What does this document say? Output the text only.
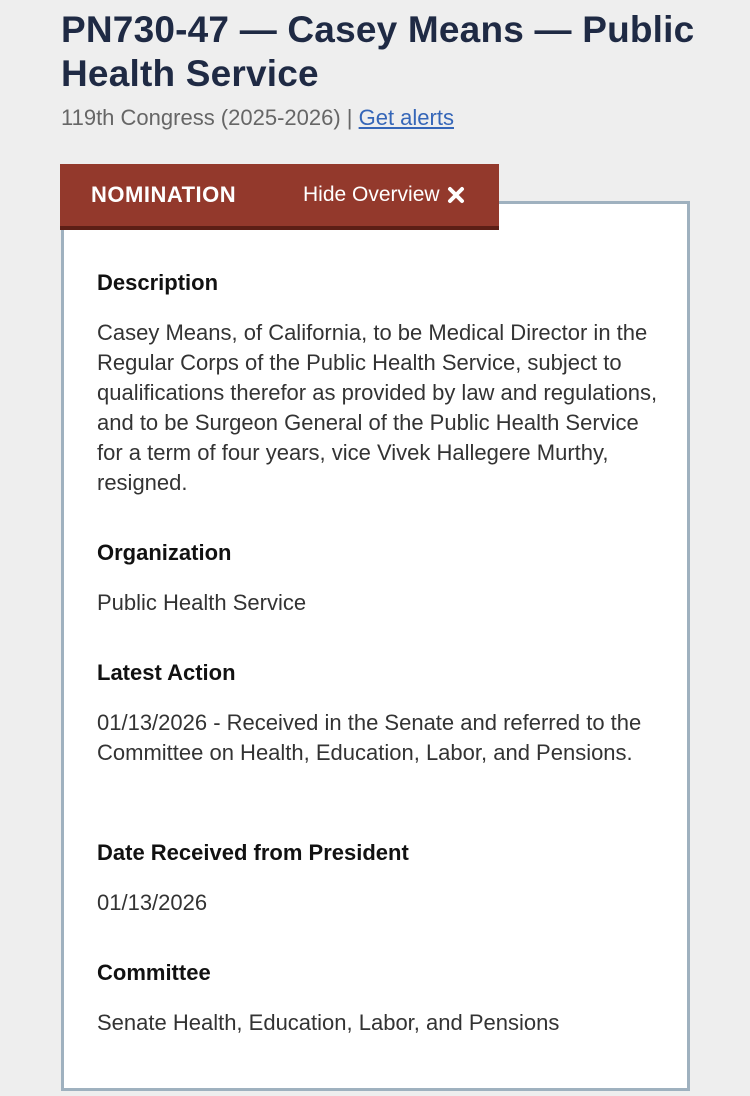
PN730-47 — Casey Means — Public Health Service
119th Congress (2025-2026) | Get alerts
NOMINATION	Hide Overview
Description
Casey Means, of California, to be Medical Director in the Regular Corps of the Public Health Service, subject to qualifications therefor as provided by law and regulations, and to be Surgeon General of the Public Health Service for a term of four years, vice Vivek Hallegere Murthy, resigned.
Organization
Public Health Service
Latest Action
01/13/2026 - Received in the Senate and referred to the Committee on Health, Education, Labor, and Pensions.
Date Received from President
01/13/2026
Committee
Senate Health, Education, Labor, and Pensions
